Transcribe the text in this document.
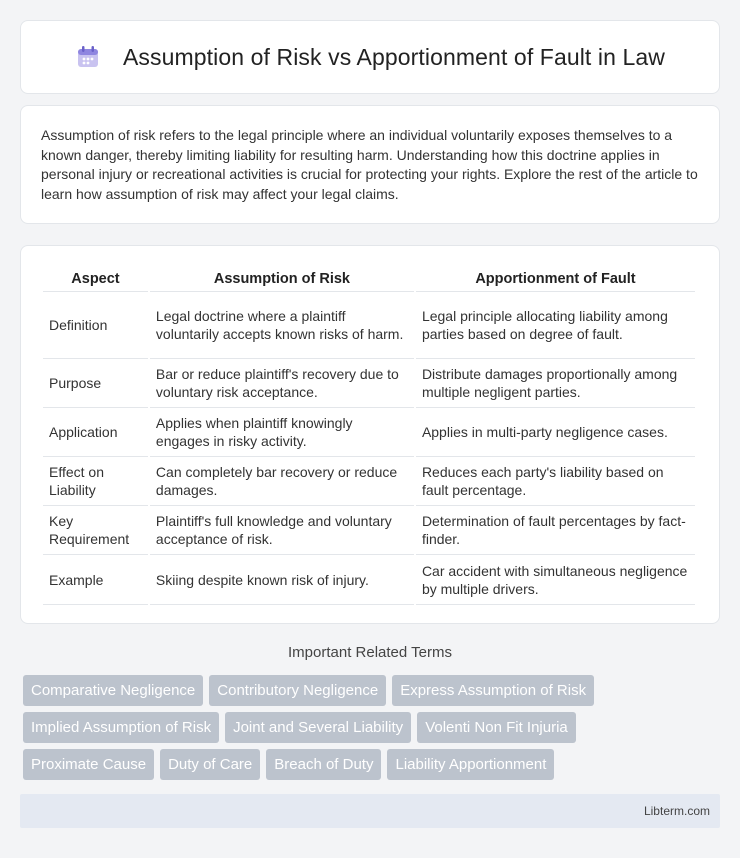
Assumption of Risk vs Apportionment of Fault in Law

Assumption of risk refers to the legal principle where an individual voluntarily exposes themselves to a known danger, thereby limiting liability for resulting harm. Understanding how this doctrine applies in personal injury or recreational activities is crucial for protecting your rights. Explore the rest of the article to learn how assumption of risk may affect your legal claims.

Aspect	Assumption of Risk	Apportionment of Fault
Definition	Legal doctrine where a plaintiff voluntarily accepts known risks of harm.	Legal principle allocating liability among parties based on degree of fault.
Purpose	Bar or reduce plaintiff's recovery due to voluntary risk acceptance.	Distribute damages proportionally among multiple negligent parties.
Application	Applies when plaintiff knowingly engages in risky activity.	Applies in multi-party negligence cases.
Effect on Liability	Can completely bar recovery or reduce damages.	Reduces each party's liability based on fault percentage.
Key Requirement	Plaintiff's full knowledge and voluntary acceptance of risk.	Determination of fault percentages by fact-finder.
Example	Skiing despite known risk of injury.	Car accident with simultaneous negligence by multiple drivers.
Important Related Terms
Comparative Negligence	Contributory Negligence	Express Assumption of Risk
Implied Assumption of Risk	Joint and Several Liability	Volenti Non Fit Injuria
Proximate Cause	Duty of Care	Breach of Duty	Liability Apportionment
Libterm.com
